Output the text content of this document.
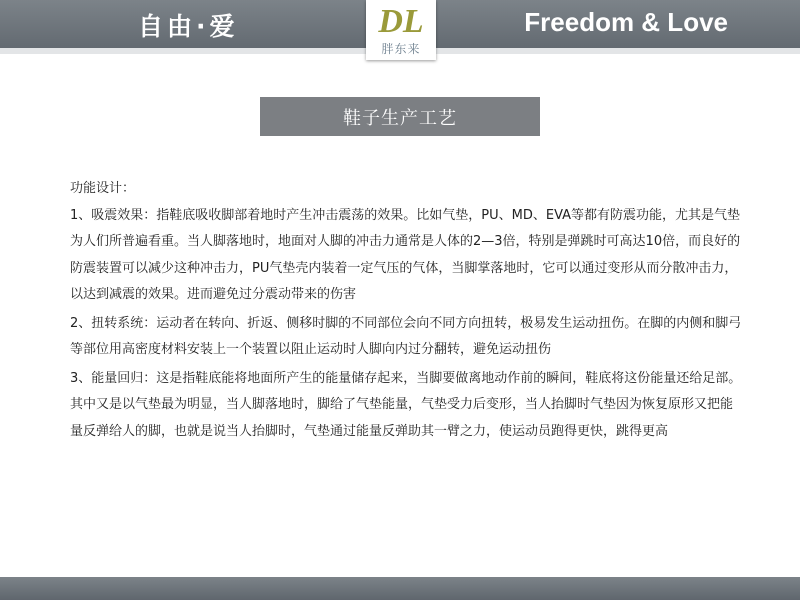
自由·爱	Freedom & Love
DL
胖东来
鞋子生产工艺

功能设计：

1、吸震效果：指鞋底吸收脚部着地时产生冲击震荡的效果。比如气垫，PU、MD、EVA等都有防震功能，尤其是气垫为人们所普遍看重。当人脚落地时，地面对人脚的冲击力通常是人体的2—3倍，特别是弹跳时可高达10倍，而良好的防震装置可以减少这种冲击力，PU气垫壳内装着一定气压的气体，当脚掌落地时，它可以通过变形从而分散冲击力，以达到减震的效果。进而避免过分震动带来的伤害

2、扭转系统：运动者在转向、折返、侧移时脚的不同部位会向不同方向扭转，极易发生运动扭伤。在脚的内侧和脚弓等部位用高密度材料安装上一个装置以阻止运动时人脚向内过分翻转，避免运动扭伤

3、能量回归：这是指鞋底能将地面所产生的能量储存起来，当脚要做离地动作前的瞬间，鞋底将这份能量还给足部。其中又是以气垫最为明显，当人脚落地时，脚给了气垫能量，气垫受力后变形，当人抬脚时气垫因为恢复原形又把能量反弹给人的脚，也就是说当人抬脚时，气垫通过能量反弹助其一臂之力，使运动员跑得更快，跳得更高
